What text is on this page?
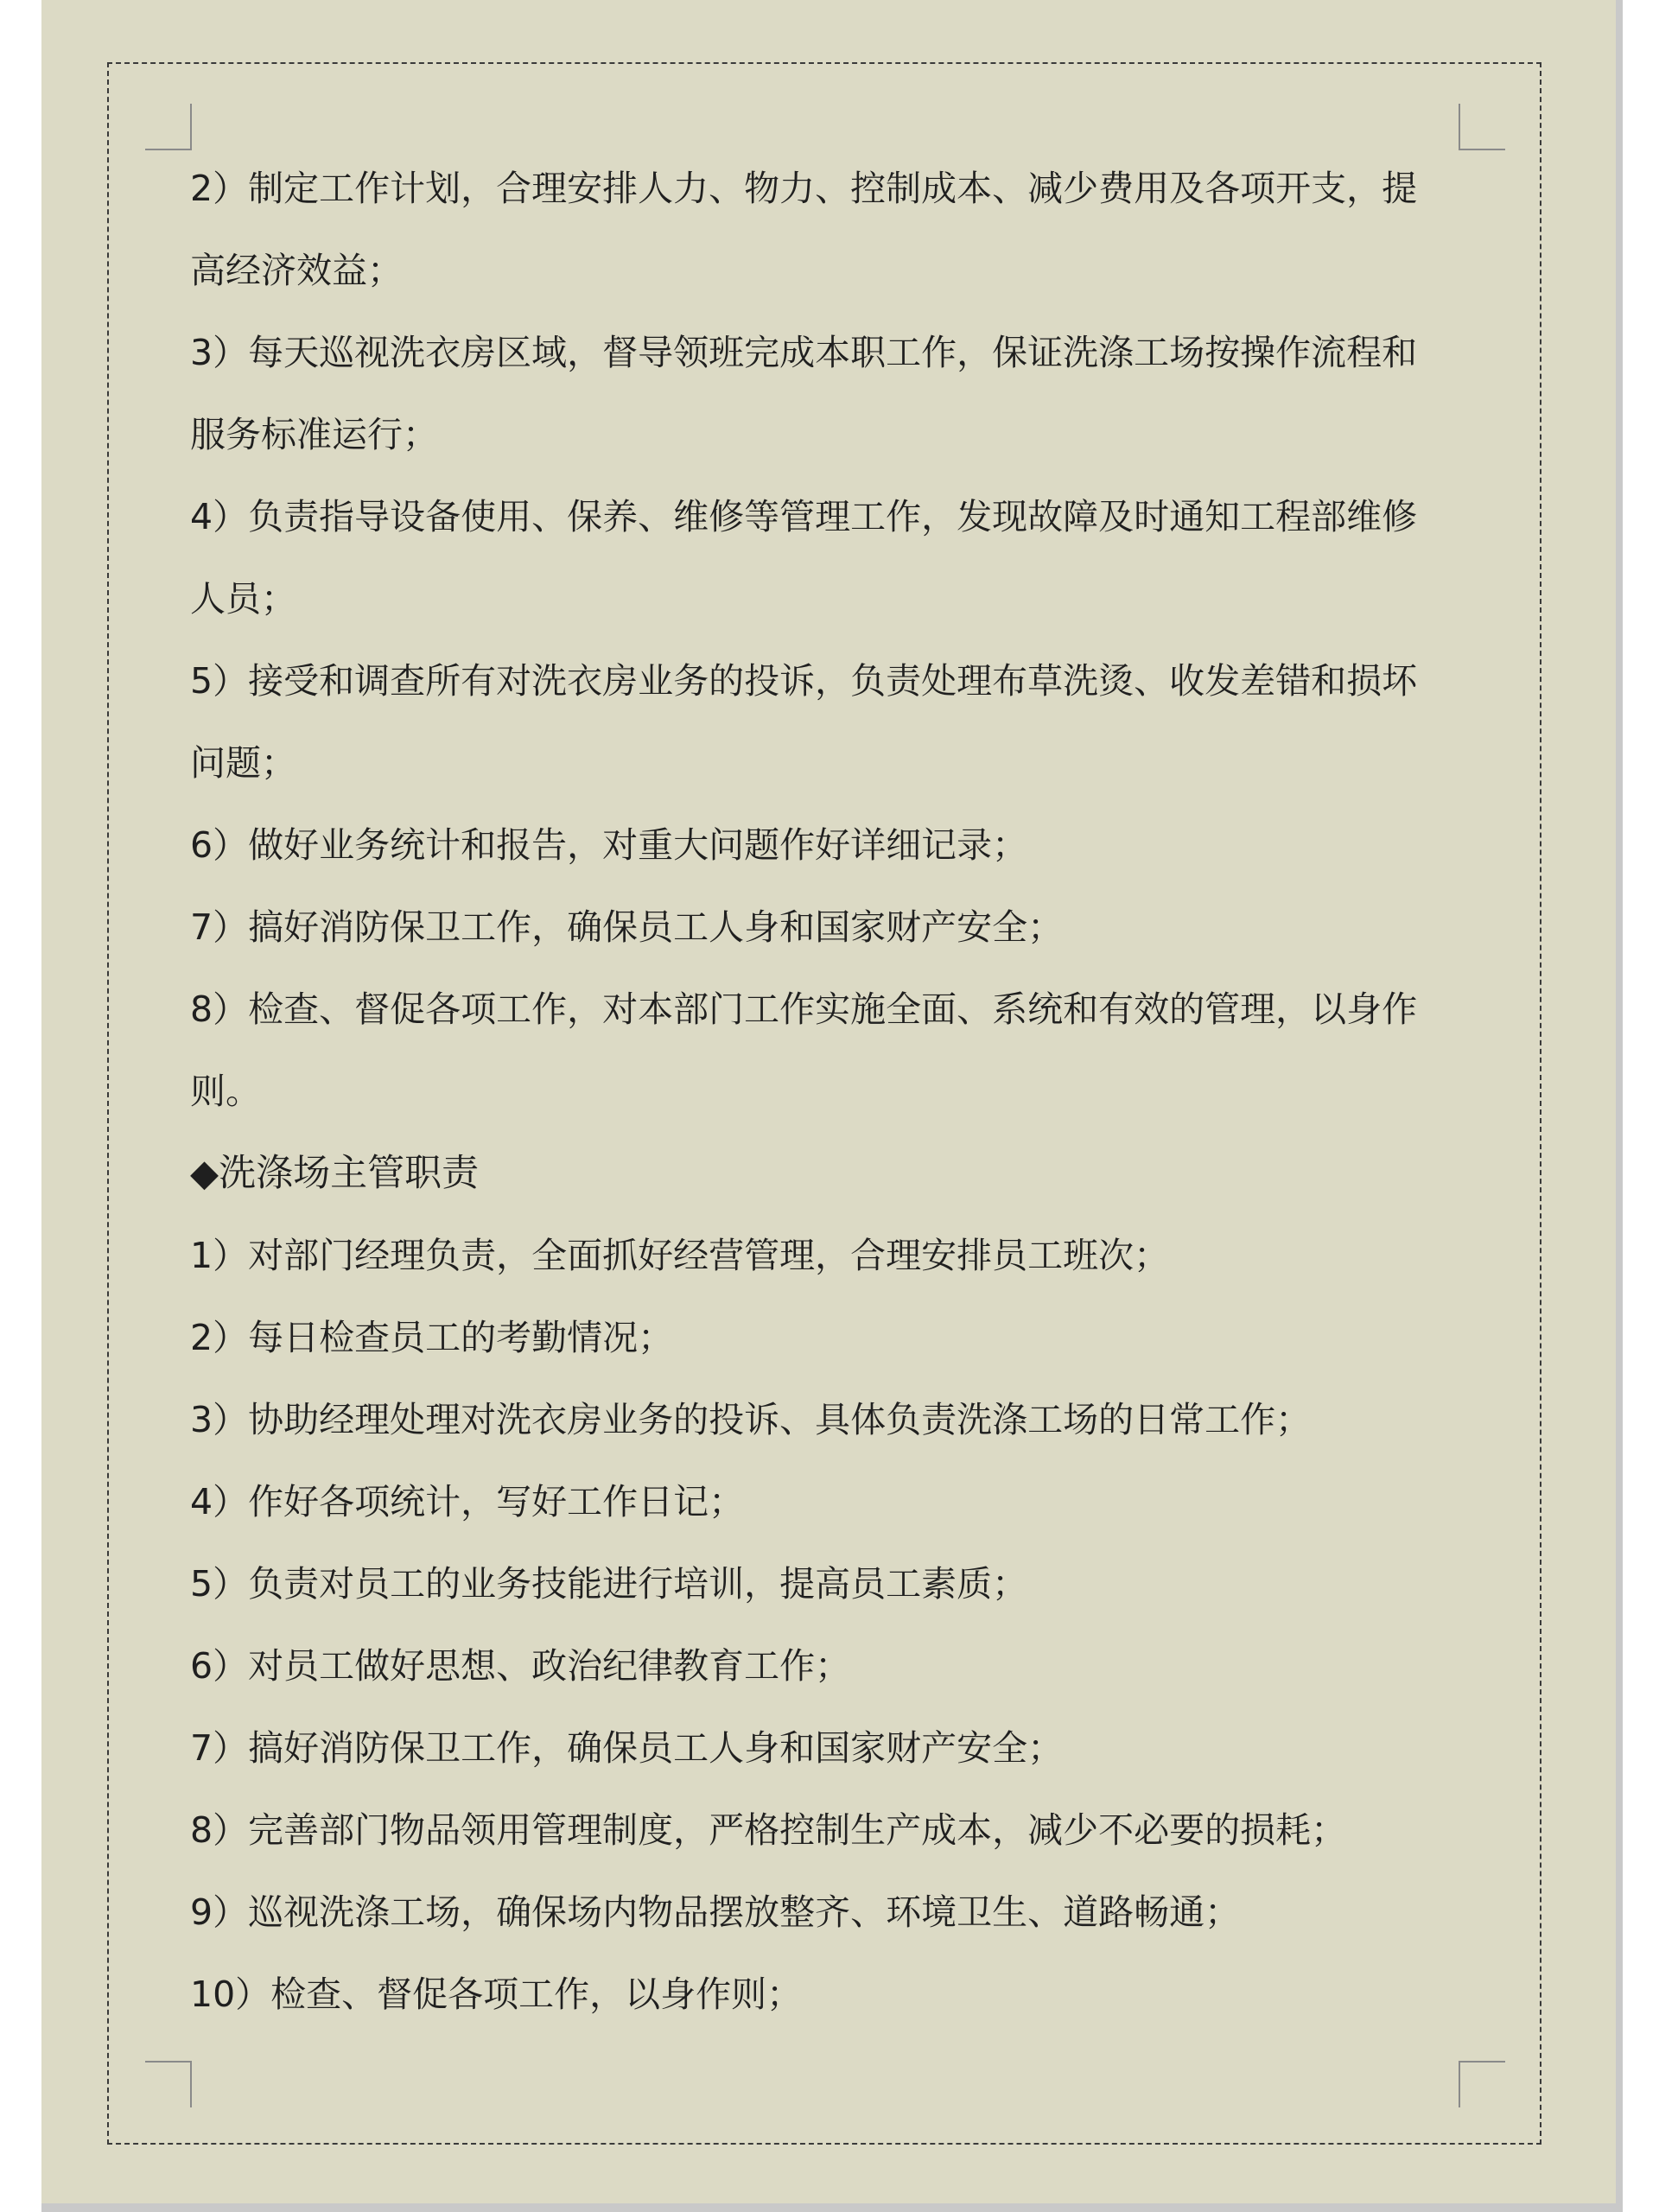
2）制定工作计划，合理安排人力、物力、控制成本、减少费用及各项开支，提
高经济效益；
3）每天巡视洗衣房区域，督导领班完成本职工作，保证洗涤工场按操作流程和
服务标准运行；
4）负责指导设备使用、保养、维修等管理工作，发现故障及时通知工程部维修
人员；
5）接受和调查所有对洗衣房业务的投诉，负责处理布草洗烫、收发差错和损坏
问题；
6）做好业务统计和报告，对重大问题作好详细记录；
7）搞好消防保卫工作，确保员工人身和国家财产安全；
8）检查、督促各项工作，对本部门工作实施全面、系统和有效的管理，以身作
则。
◆洗涤场主管职责
1）对部门经理负责，全面抓好经营管理，合理安排员工班次；
2）每日检查员工的考勤情况；
3）协助经理处理对洗衣房业务的投诉、具体负责洗涤工场的日常工作；
4）作好各项统计，写好工作日记；
5）负责对员工的业务技能进行培训，提高员工素质；
6）对员工做好思想、政治纪律教育工作；
7）搞好消防保卫工作，确保员工人身和国家财产安全；
8）完善部门物品领用管理制度，严格控制生产成本，减少不必要的损耗；
9）巡视洗涤工场，确保场内物品摆放整齐、环境卫生、道路畅通；
10）检查、督促各项工作，以身作则；
